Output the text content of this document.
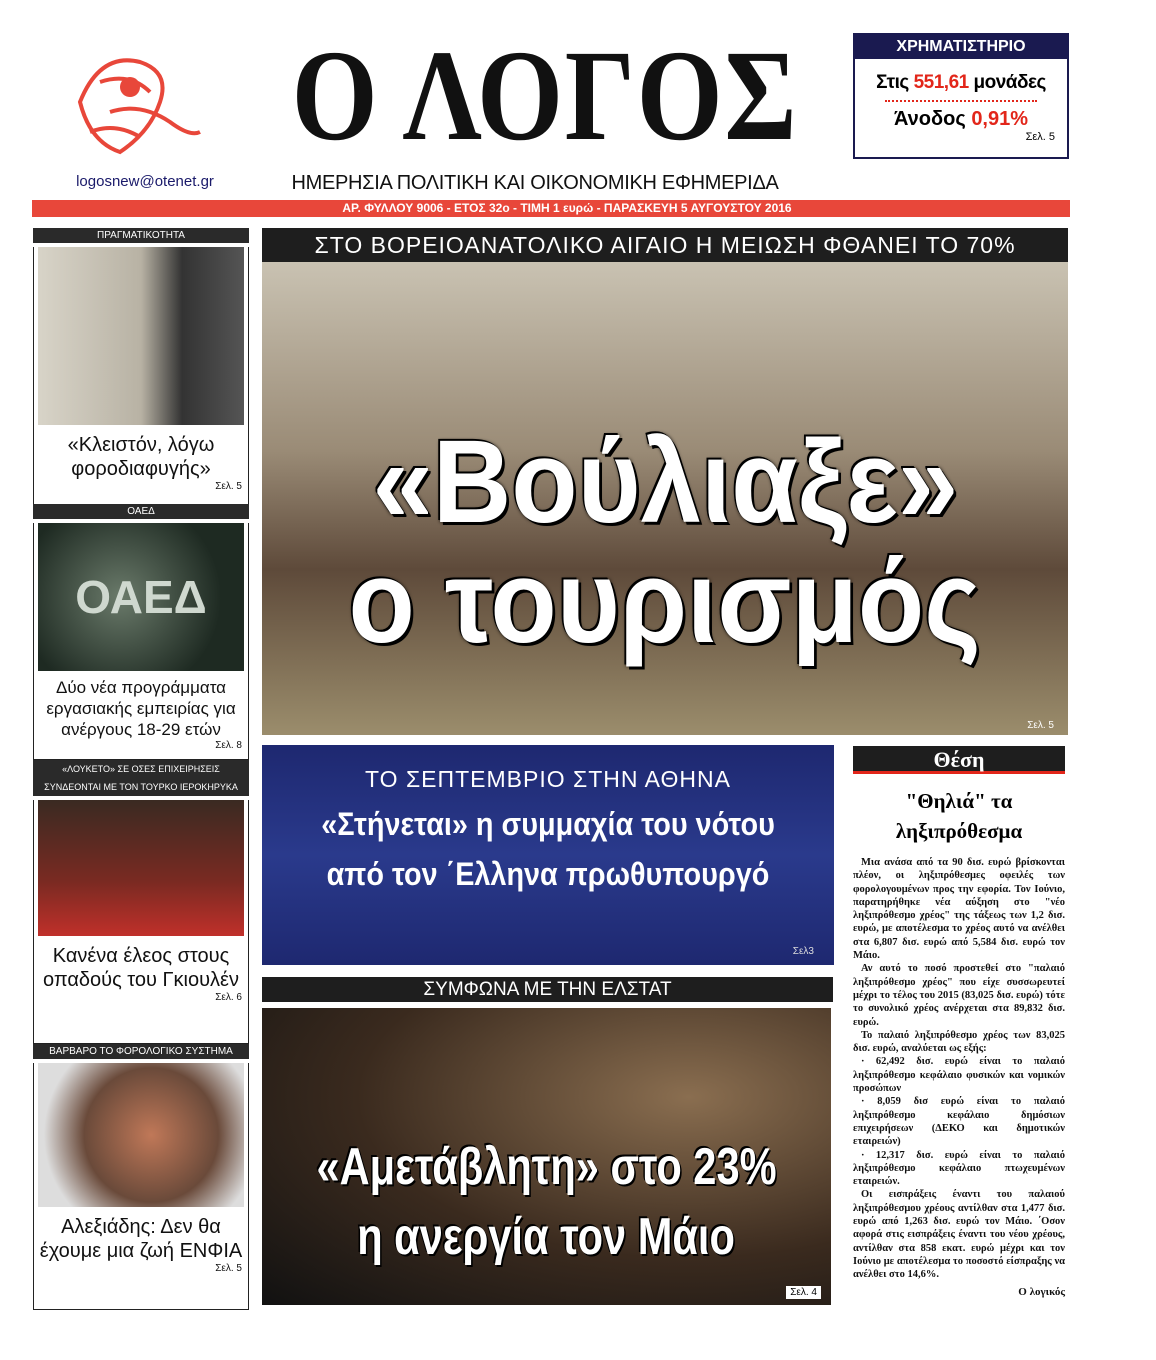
logosnew@otenet.gr
Ο ΛΟΓΟΣ
ΗΜΕΡΗΣΙΑ ΠΟΛΙΤΙΚΗ ΚΑΙ ΟΙΚΟΝΟΜΙΚΗ ΕΦΗΜΕΡΙΔΑ
ΑΡ. ΦΥΛΛΟΥ 9006 - ΕΤΟΣ 32ο - ΤΙΜΗ 1 ευρώ - ΠΑΡΑΣΚΕΥΗ 5 ΑΥΓΟΥΣΤΟΥ 2016
ΧΡΗΜΑΤΙΣΤΗΡΙΟ
Στις 551,61 μονάδες
Άνοδος 0,91%
Σελ. 5
ΠΡΑΓΜΑΤΙΚΟΤΗΤΑ
«Κλειστόν, λόγω φοροδιαφυγής»
Σελ. 5
ΟΑΕΔ
ΟΑΕΔ
Δύο νέα προγράμματα εργασιακής εμπειρίας για ανέργους 18-29 ετών
Σελ. 8
«ΛΟΥΚΕΤΟ» ΣΕ ΟΣΕΣ ΕΠΙΧΕΙΡΗΣΕΙΣ ΣΥΝΔΕΟΝΤΑΙ ΜΕ ΤΟΝ ΤΟΥΡΚΟ ΙΕΡΟΚΗΡΥΚΑ
Κανένα έλεος στους οπαδούς του Γκιουλέν
Σελ. 6
ΒΑΡΒΑΡΟ ΤΟ ΦΟΡΟΛΟΓΙΚΟ ΣΥΣΤΗΜΑ
Αλεξιάδης: Δεν θα έχουμε μια ζωή ΕΝΦΙΑ
Σελ. 5
ΣΤΟ ΒΟΡΕΙΟΑΝΑΤΟΛΙΚΟ ΑΙΓΑΙΟ Η ΜΕΙΩΣΗ ΦΘΑΝΕΙ ΤΟ 70%
«Βούλιαξε»
ο τουρισμός
Σελ. 5
ΤΟ ΣΕΠΤΕΜΒΡΙΟ ΣΤΗΝ ΑΘΗΝΑ
«Στήνεται» η συμμαχία του νότου
από τον ΄Ελληνα πρωθυπουργό
Σελ3
ΣΥΜΦΩΝΑ ΜΕ ΤΗΝ ΕΛΣΤΑΤ
«Αμετάβλητη» στο 23%
η ανεργία τον Μάιο
Σελ. 4
Θέση
"Θηλιά" τα ληξιπρόθεσμα

Μια ανάσα από τα 90 δισ. ευρώ βρίσκονται πλέον, οι ληξιπρόθεσμες οφειλές των φορολογουμένων προς την εφορία. Τον Ιούνιο, παρατηρήθηκε νέα αύξηση στο "νέο ληξιπρόθεσμο χρέος" της τάξεως των 1,2 δισ. ευρώ, με αποτέλεσμα το χρέος αυτό να ανέλθει στα 6,807 δισ. ευρώ από 5,584 δισ. ευρώ τον Μάιο.

Αν αυτό το ποσό προστεθεί στο "παλαιό ληξιπρόθεσμο χρέος" που είχε συσσωρευτεί μέχρι το τέλος του 2015 (83,025 δισ. ευρώ) τότε το συνολικό χρέος ανέρχεται στα 89,832 δισ. ευρώ.

Το παλαιό ληξιπρόθεσμο χρέος των 83,025 δισ. ευρώ, αναλύεται ως εξής:

· 62,492 δισ. ευρώ είναι το παλαιό ληξιπρόθεσμο κεφάλαιο φυσικών και νομικών προσώπων

· 8,059 δισ ευρώ είναι το παλαιό ληξιπρόθεσμο κεφάλαιο δημόσιων επιχειρήσεων (ΔΕΚΟ και δημοτικών εταιρειών)

· 12,317 δισ. ευρώ είναι το παλαιό ληξιπρόθεσμο κεφάλαιο πτωχευμένων εταιρειών.

Οι εισπράξεις έναντι του παλαιού ληξιπρόθεσμου χρέους αντίλθαν στα 1,477 δισ. ευρώ από 1,263 δισ. ευρώ τον Μάιο. ΄Οσον αφορά στις εισπράξεις έναντι του νέου χρέους, αντίλθαν στα 858 εκατ. ευρώ μέχρι και τον Ιούνιο με αποτέλεσμα το ποσοστό είσπραξης να ανέλθει στο 14,6%.

Ο λογικός
